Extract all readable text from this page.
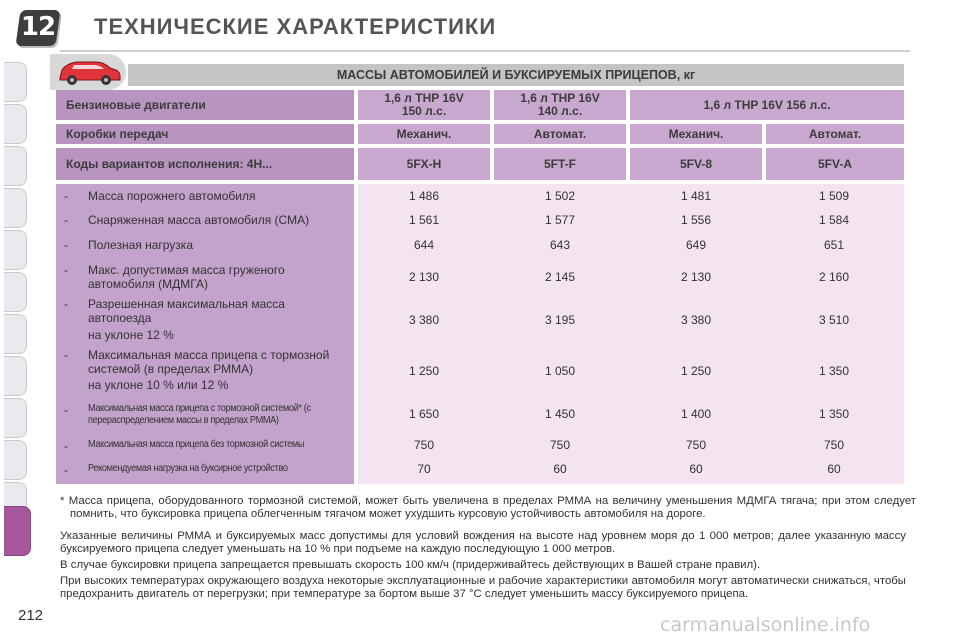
12 ТЕХНИЧЕСКИЕ ХАРАКТЕРИСТИКИ
МАССЫ АВТОМОБИЛЕЙ И БУКСИРУЕМЫХ ПРИЦЕПОВ, кг
Бензиновые двигатели	1,6 л THP 16V
150 л.с.
1,6 л THP 16V
140 л.с.	1,6 л THP 16V 156 л.с.
Коробки передач	Механич.	Автомат.	Механич.	Автомат.
Коды вариантов исполнения: 4H...	5FX-H	5FT-F	5FV-8	5FV-A
- Масса порожнего автомобиля	1 486	1 502	1 481	1 509
- Снаряженная масса автомобиля (СМА)	1 561	1 577	1 556	1 584
- Полезная нагрузка	644	643	649	651
- Макс. допустимая масса груженого автомобиля (МДМГА)	2 130	2 145	2 130	2 160
- Разрешенная максимальная масса автопоезда
на уклоне 12 %
3 380	3 195	3 380	3 510
- Максимальная масса прицепа с тормозной системой (в пределах РММА)
на уклоне 10 % или 12 %
1 250	1 050	1 250	1 350
- Максимальная масса прицепа с тормозной системой* (с перераспределением массы в пределах РММА)	1 650	1 450	1 400	1 350
- Максимальная масса прицепа без тормозной системы	750	750	750	750
- Рекомендуемая нагрузка на буксирное устройство	70	60	60	60
* Масса прицепа, оборудованного тормозной системой, может быть увеличена в пределах РММА на величину уменьшения МДМГА тягача; при этом следует помнить, что буксировка прицепа облегченным тягачом может ухудшить курсовую устойчивость автомобиля на дороге.
Указанные величины РММА и буксируемых масс допустимы для условий вождения на высоте над уровнем моря до 1 000 метров; далее указанную массу буксируемого прицепа следует уменьшать на 10 % при подъеме на каждую последующую 1 000 метров.
В случае буксировки прицепа запрещается превышать скорость 100 км/ч (придерживайтесь действующих в Вашей стране правил).
При высоких температурах окружающего воздуха некоторые эксплуатационные и рабочие характеристики автомобиля могут автоматически снижаться, чтобы предохранить двигатель от перегрузки; при температуре за бортом выше 37 °C следует уменьшить массу буксируемого прицепа.
212	carmanualsonline.info
